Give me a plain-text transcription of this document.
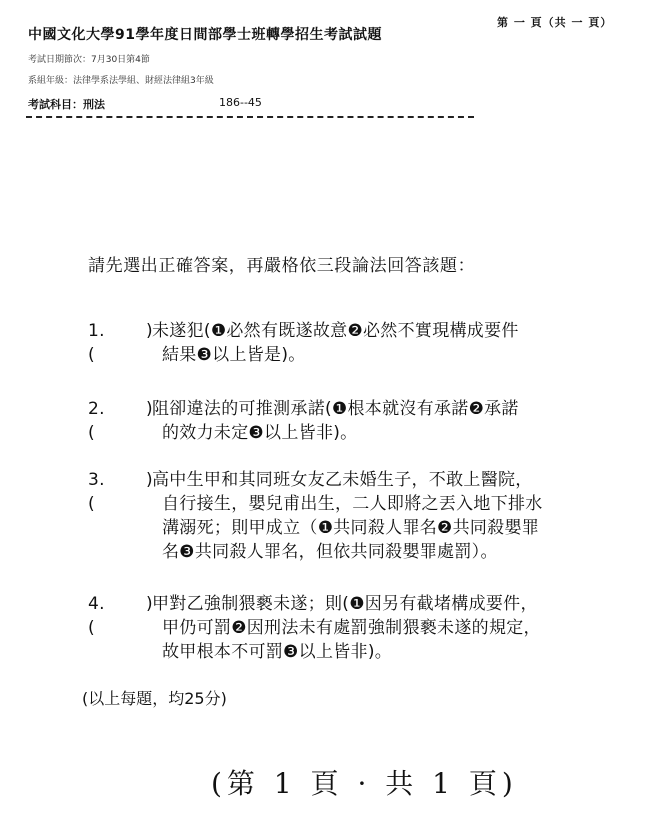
中國文化大學91學年度日間部學士班轉學招生考試試題
第 一 頁（共 一 頁）
考試日期節次：7月30日第4節
系組年級：法律學系法學組、財經法律組3年級
考試科目：刑法	186--45
請先選出正確答案，再嚴格依三段論法回答該題：
1. (
) 未遂犯(❶必然有既遂故意❷必然不實現構成要件
結果❸以上皆是)。
2. (
) 阻卻違法的可推測承諾(❶根本就沒有承諾❷承諾
的效力未定❸以上皆非)。
3. (
) 高中生甲和其同班女友乙未婚生子，不敢上醫院，
自行接生，嬰兒甫出生，二人即將之丟入地下排水
溝溺死；則甲成立（❶共同殺人罪名❷共同殺嬰罪
名❸共同殺人罪名，但依共同殺嬰罪處罰）。
4. (
) 甲對乙強制猥褻未遂；則(❶因另有截堵構成要件，
甲仍可罰❷因刑法未有處罰強制猥褻未遂的規定，
故甲根本不可罰❸以上皆非)。
(以上每題，均25分)
(第 1 頁 · 共 1 頁)
